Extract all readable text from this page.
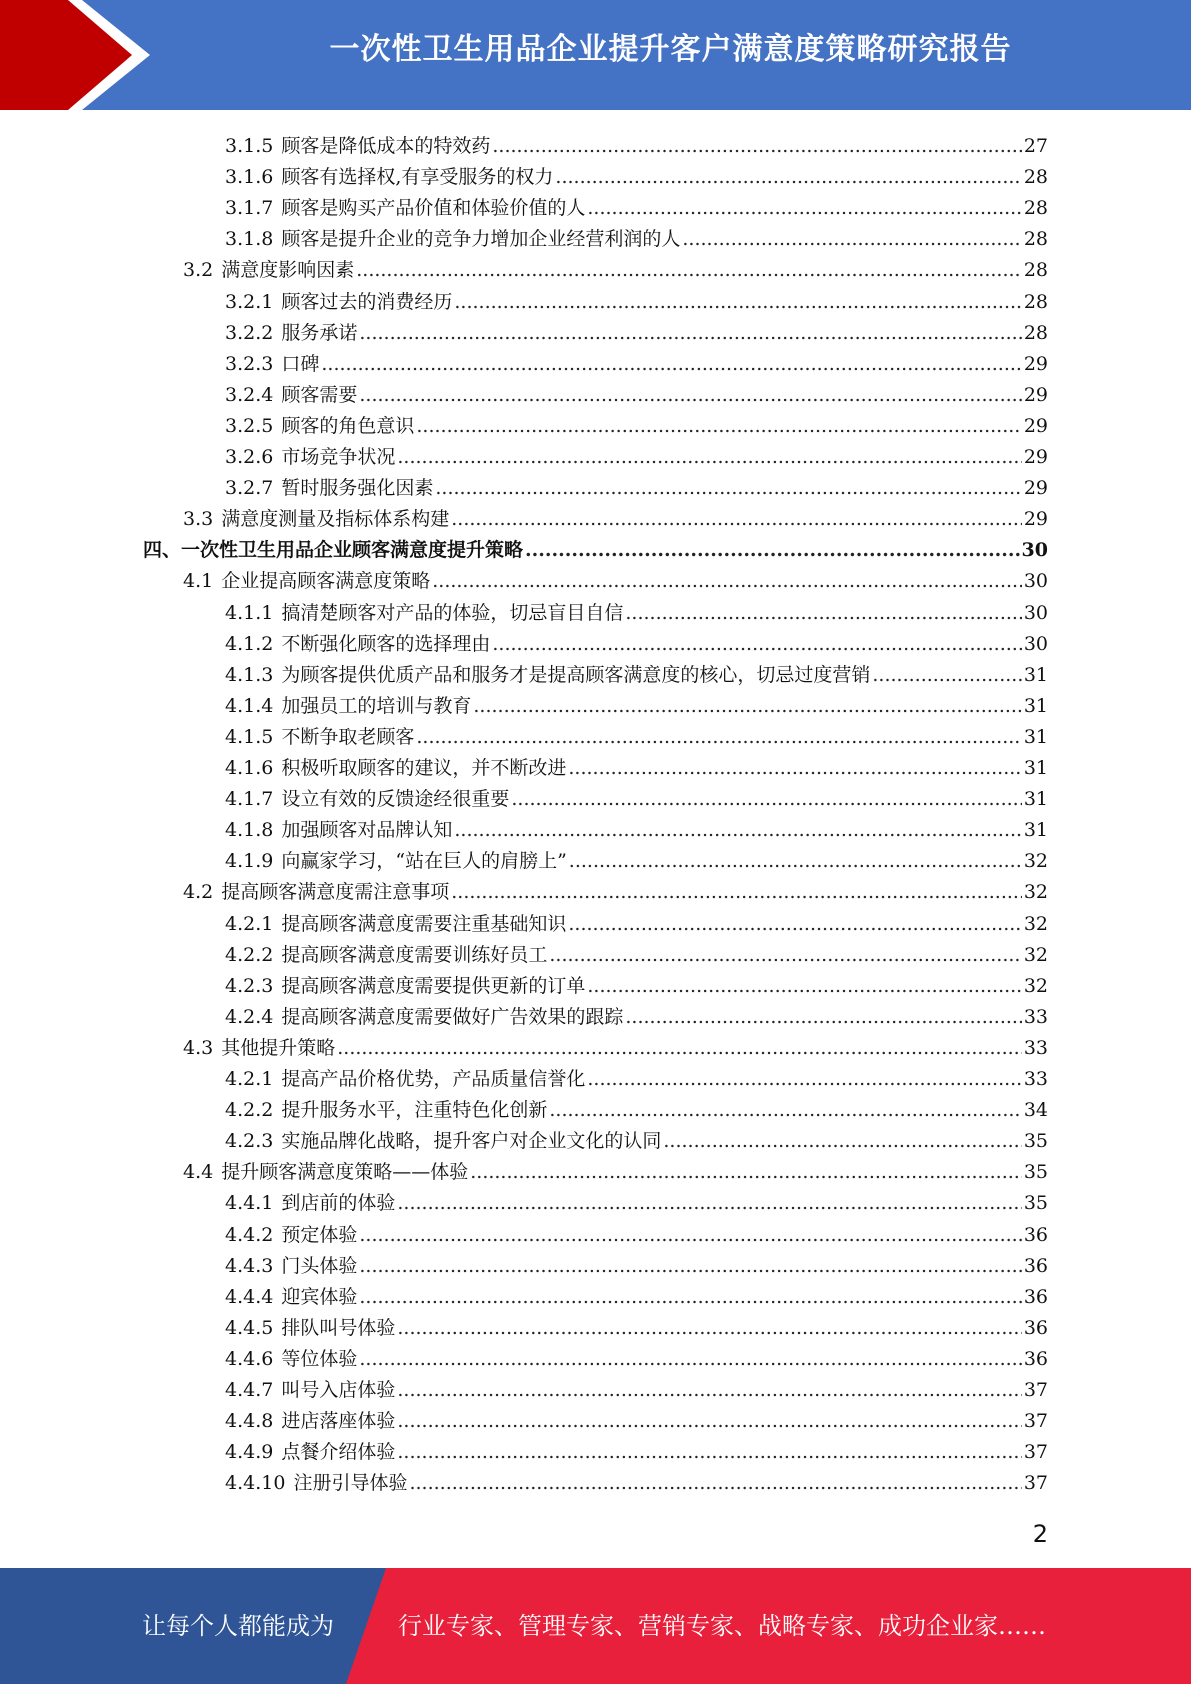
一次性卫生用品企业提升客户满意度策略研究报告
3.1.5 顾客是降低成本的特效药 .....	27
3.1.6 顾客有选择权,有享受服务的权力 .....	28
3.1.7 顾客是购买产品价值和体验价值的人 .....	28
3.1.8 顾客是提升企业的竞争力增加企业经营利润的人 .....	28
3.2 满意度影响因素 .....	28
3.2.1 顾客过去的消费经历 .....	28
3.2.2 服务承诺 .....	28
3.2.3 口碑 .....	29
3.2.4 顾客需要 .....	29
3.2.5 顾客的角色意识 .....	29
3.2.6 市场竞争状况 .....	29
3.2.7 暂时服务强化因素 .....	29
3.3 满意度测量及指标体系构建 .....	29
四、 一次性卫生用品企业顾客满意度提升策略 .....	30
4.1 企业提高顾客满意度策略 .....	30
4.1.1 搞清楚顾客对产品的体验，切忌盲目自信 .....	30
4.1.2 不断强化顾客的选择理由 .....	30
4.1.3 为顾客提供优质产品和服务才是提高顾客满意度的核心，切忌过度营销 .....	31
4.1.4 加强员工的培训与教育 .....	31
4.1.5 不断争取老顾客 .....	31
4.1.6 积极听取顾客的建议，并不断改进 .....	31
4.1.7 设立有效的反馈途经很重要 .....	31
4.1.8 加强顾客对品牌认知 .....	31
4.1.9 向赢家学习，“站在巨人的肩膀上” .....	32
4.2 提高顾客满意度需注意事项 .....	32
4.2.1 提高顾客满意度需要注重基础知识 .....	32
4.2.2 提高顾客满意度需要训练好员工 .....	32
4.2.3 提高顾客满意度需要提供更新的订单 .....	32
4.2.4 提高顾客满意度需要做好广告效果的跟踪 .....	33
4.3 其他提升策略 .....	33
4.2.1 提高产品价格优势，产品质量信誉化 .....	33
4.2.2 提升服务水平，注重特色化创新 .....	34
4.2.3 实施品牌化战略，提升客户对企业文化的认同 .....	35
4.4 提升顾客满意度策略——体验 .....	35
4.4.1 到店前的体验 .....	35
4.4.2 预定体验 .....	36
4.4.3 门头体验 .....	36
4.4.4 迎宾体验 .....	36
4.4.5 排队叫号体验 .....	36
4.4.6 等位体验 .....	36
4.4.7 叫号入店体验 .....	37
4.4.8 进店落座体验 .....	37
4.4.9 点餐介绍体验 .....	37
4.4.10 注册引导体验 .....	37
2
让每个人都能成为	行业专家、管理专家、营销专家、战略专家、成功企业家……
